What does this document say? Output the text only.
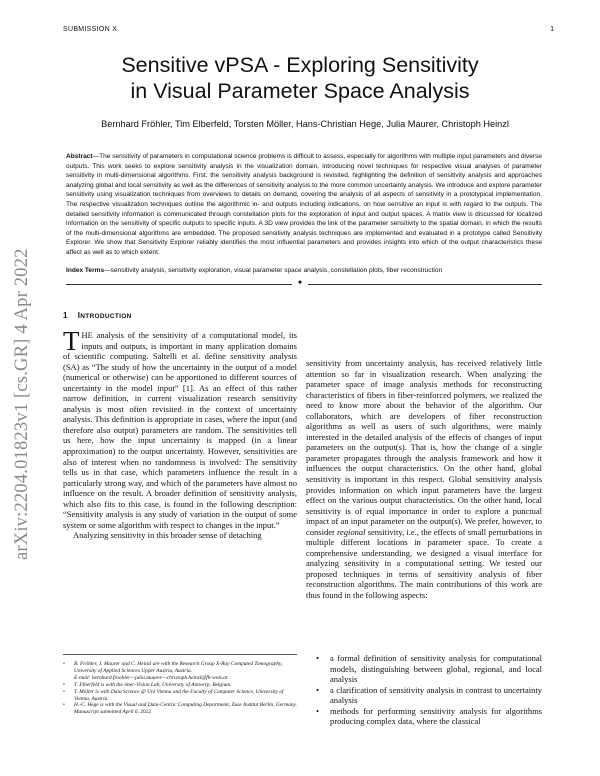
SUBMISSION X	1
arXiv:2204.01823v1 [cs.GR] 4 Apr 2022
Sensitive vPSA - Exploring Sensitivity
in Visual Parameter Space Analysis
Bernhard Fröhler, Tim Elberfeld, Torsten Möller, Hans-Christian Hege, Julia Maurer, Christoph Heinzl
Abstract—The sensitivity of parameters in computational science problems is difficult to assess, especially for algorithms with multiple input parameters and diverse outputs. This work seeks to explore sensitivity analysis in the visualization domain, introducing novel techniques for respective visual analyses of parameter sensitivity in multi-dimensional algorithms. First, the sensitivity analysis background is revisited, highlighting the definition of sensitivity analysis and approaches analyzing global and local sensitivity as well as the differences of sensitivity analysis to the more common uncertainty analysis. We introduce and explore parameter sensitivity using visualization techniques from overviews to details on demand, covering the analysis of all aspects of sensitivity in a prototypical implementation. The respective visualization techniques outline the algorithmic in- and outputs including indications, on how sensitive an input is with regard to the outputs. The detailed sensitivity information is communicated through constellation plots for the exploration of input and output spaces. A matrix view is discussed for localized information on the sensitivity of specific outputs to specific inputs. A 3D view provides the link of the parameter sensitivity to the spatial domain, in which the results of the multi-dimensional algorithms are embedded. The proposed sensitivity analysis techniques are implemented and evaluated in a prototype called Sensitivity Explorer. We show that Sensitivity Explorer reliably identifies the most influential parameters and provides insights into which of the output characteristics these affect as well as to which extent.
Index Terms—sensitivity analysis, sensitivity exploration, visual parameter space analysis, constellation plots, fiber reconstruction
✦
1 INTRODUCTION

THE analysis of the sensitivity of a computational model, its inputs and outputs, is important in many application domains of scientific computing. Saltelli et al. define sensitivity analysis (SA) as “The study of how the uncertainty in the output of a model (numerical or otherwise) can be apportioned to different sources of uncertainty in the model input” [1]. As an effect of this rather narrow definition, in current visualization research sensitivity analysis is most often revisited in the context of uncertainty analysis. This definition is appropriate in cases, where the input (and therefore also output) parameters are random. The sensitivities tell us here, how the input uncertainty is mapped (in a linear approximation) to the output uncertainty. However, sensitivities are also of interest when no randomness is involved: The sensitivity tells us in that case, which parameters influence the result in a particularly strong way, and which of the parameters have almost no influence on the result. A broader definition of sensitivity analysis, which also fits to this case, is found in the following description: “Sensitivity analysis is any study of variation in the output of some system or some algorithm with respect to changes in the input.”

Analyzing sensitivity in this broader sense of detaching

•	B. Fröhler, J. Maurer and C. Heinzl are with the Research Group X-Ray Computed Tomography, University of Applied Sciences Upper Austria, Austria.
E-mail: bernhard.froehler—julia.maurer—christoph.heinzl@fh-wels.at
•	T. Elberfeld is with the imec-Vision Lab, University of Antwerp, Belgium.
•	T. Möller is with Data Science @ Uni Vienna and the Faculty of Computer Science, University of Vienna, Austria.
•	H.-C. Hege is with the Visual and Data-Centric Computing Department, Zuse Institut Berlin, Germany.
Manuscript submitted April 6, 2022
sensitivity from uncertainty analysis, has received relatively little attention so far in visualization research. When analyzing the parameter space of image analysis methods for reconstructing characteristics of fibers in fiber-reinforced polymers, we realized the need to know more about the behavior of the algorithm. Our collaborators, which are developers of fiber reconstruction algorithms as well as users of such algorithms, were mainly interested in the detailed analysis of the effects of changes of input parameters on the output(s). That is, how the change of a single parameter propagates through the analysis framework and how it influences the output characteristics. On the other hand, global sensitivity is important in this respect. Global sensitivity analysis provides information on which input parameters have the largest effect on the various output characteristics. On the other hand, local sensitivity is of equal importance in order to explore a punctual impact of an input parameter on the output(s). We prefer, however, to consider regional sensitivity, i.e., the effects of small perturbations in multiple different locations in parameter space. To create a comprehensive understanding, we designed a visual interface for analyzing sensitivity in a computational setting. We tested our proposed techniques in terms of sensitivity analysis of fiber reconstruction algorithms. The main contributions of this work are thus found in the following aspects:
•	a formal definition of sensitivity analysis for computational models, distinguishing between global, regional, and local analysis
•	a clarification of sensitivity analysis in contrast to uncertainty analysis
•	methods for performing sensitivity analysis for algorithms producing complex data, where the classical
